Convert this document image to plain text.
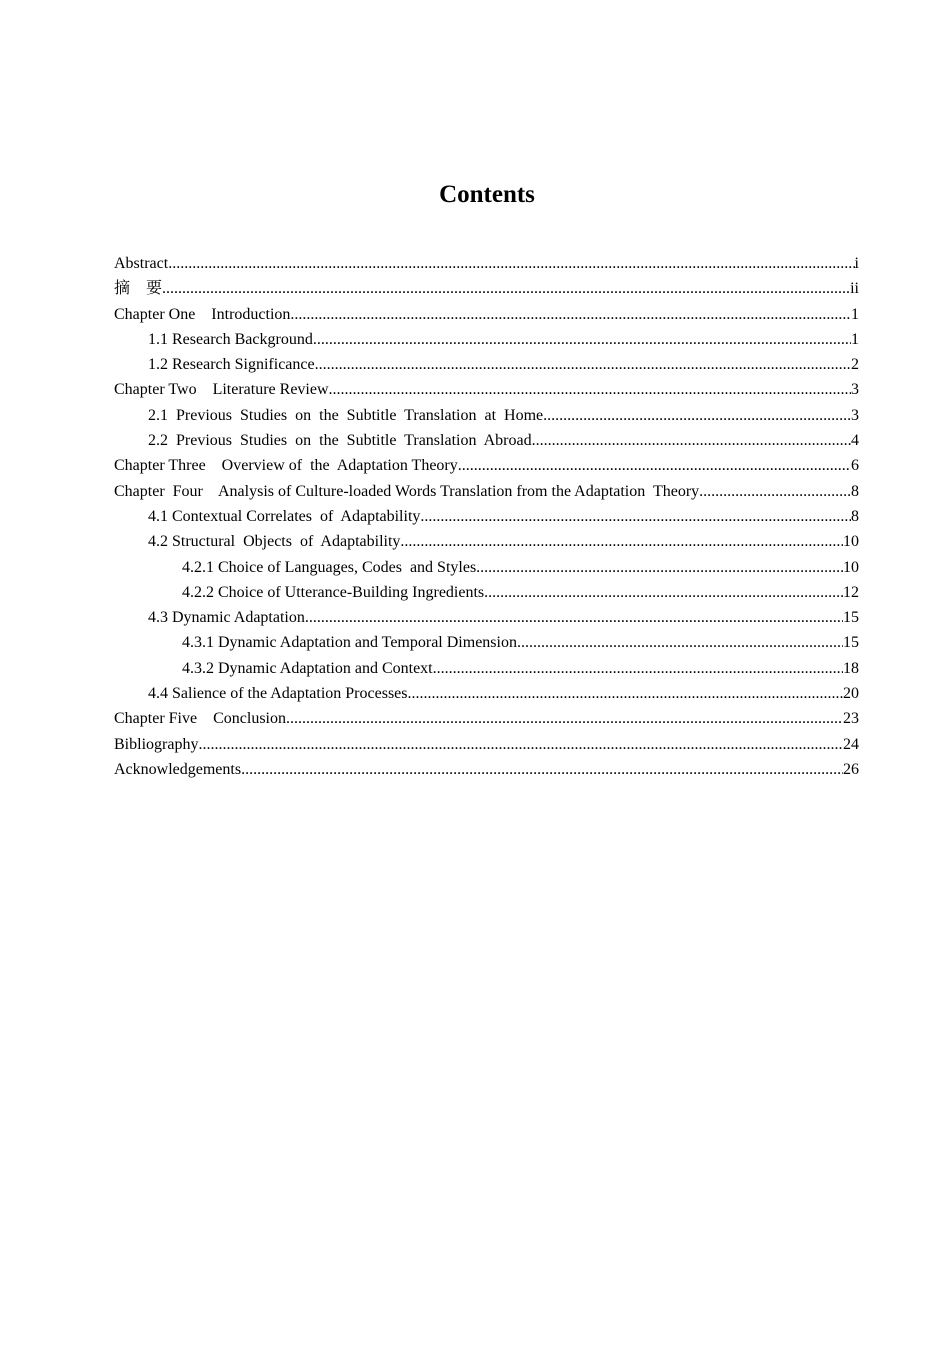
Contents
Abstract .....	i
摘　要 .....	ii
Chapter One    Introduction .....	1
1.1 Research Background .....	1
1.2 Research Significance .....	2
Chapter Two    Literature Review .....	3
2.1  Previous  Studies  on  the  Subtitle  Translation  at  Home .....	3
2.2  Previous  Studies  on  the  Subtitle  Translation  Abroad .....	4
Chapter Three    Overview of  the  Adaptation Theory .....	6
Chapter  Four    Analysis of Culture-loaded Words Translation from the Adaptation  Theory .....	8
4.1 Contextual Correlates  of  Adaptability .....	8
4.2 Structural  Objects  of  Adaptability .....	10
4.2.1 Choice of Languages, Codes  and Styles .....	10
4.2.2 Choice of Utterance-Building Ingredients .....	12
4.3 Dynamic Adaptation .....	15
4.3.1 Dynamic Adaptation and Temporal Dimension .....	15
4.3.2 Dynamic Adaptation and Context .....	18
4.4 Salience of the Adaptation Processes .....	20
Chapter Five    Conclusion .....	23
Bibliography .....	24
Acknowledgements .....	26
